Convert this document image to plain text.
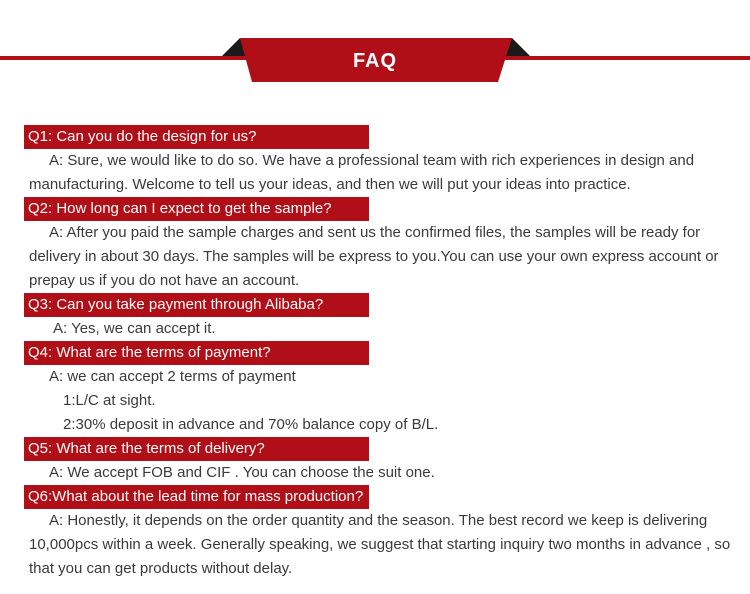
FAQ
Q1: Can you do the design for us?
A: Sure, we would like to do so. We have a professional team with rich experiences in design and
manufacturing. Welcome to tell us your ideas, and then we will put your ideas into practice.
Q2: How long can I expect to get the sample?
A: After you paid the sample charges and sent us the confirmed files, the samples will be ready for
delivery in about 30 days. The samples will be express to you.You can use your own express account or
prepay us if you do not have an account.
Q3: Can you take payment through Alibaba?
A: Yes, we can accept it.
Q4: What are the terms of payment?
A: we can accept 2 terms of payment
1:L/C at sight.
2:30% deposit in advance and 70% balance copy of B/L.
Q5: What are the terms of delivery?
A: We accept FOB and CIF . You can choose the suit one.
Q6:What about the lead time for mass production?
A: Honestly, it depends on the order quantity and the season. The best record we keep is delivering
10,000pcs within a week. Generally speaking, we suggest that starting inquiry two months in advance , so
that you can get products without delay.
